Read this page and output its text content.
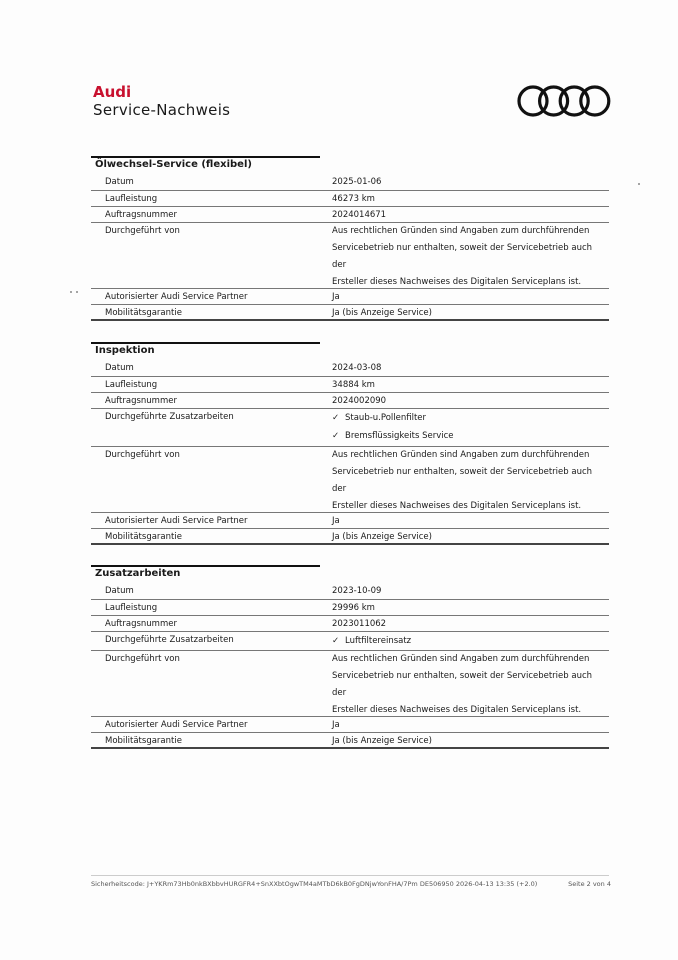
Audi
Service-Nachweis
Ölwechsel-Service (flexibel)
Datum	2025-01-06
Laufleistung	46273 km
Auftragsnummer	2024014671
Durchgeführt von	Aus rechtlichen Gründen sind Angaben zum durchführenden
Servicebetrieb nur enthalten, soweit der Servicebetrieb auch der
Ersteller dieses Nachweises des Digitalen Serviceplans ist.
Autorisierter Audi Service Partner	Ja
Mobilitätsgarantie	Ja (bis Anzeige Service)
Inspektion
Datum	2024-03-08
Laufleistung	34884 km
Auftragsnummer	2024002090
Durchgeführte Zusatzarbeiten	✓ Staub-u.Pollenfilter
✓ Bremsflüssigkeits Service
Durchgeführt von	Aus rechtlichen Gründen sind Angaben zum durchführenden
Servicebetrieb nur enthalten, soweit der Servicebetrieb auch der
Ersteller dieses Nachweises des Digitalen Serviceplans ist.
Autorisierter Audi Service Partner	Ja
Mobilitätsgarantie	Ja (bis Anzeige Service)
Zusatzarbeiten
Datum	2023-10-09
Laufleistung	29996 km
Auftragsnummer	2023011062
Durchgeführte Zusatzarbeiten	✓ Luftfiltereinsatz
Durchgeführt von	Aus rechtlichen Gründen sind Angaben zum durchführenden
Servicebetrieb nur enthalten, soweit der Servicebetrieb auch der
Ersteller dieses Nachweises des Digitalen Serviceplans ist.
Autorisierter Audi Service Partner	Ja
Mobilitätsgarantie	Ja (bis Anzeige Service)
Sicherheitscode: J+YKRm73Hb0nkBXbbvHURGFR4+SnXXbtOgwTM4aMTbD6kB0FgDNjwYonFHA/7Pm DE506950 2026-04-13 13:35 (+2.0)	Seite 2 von 4
